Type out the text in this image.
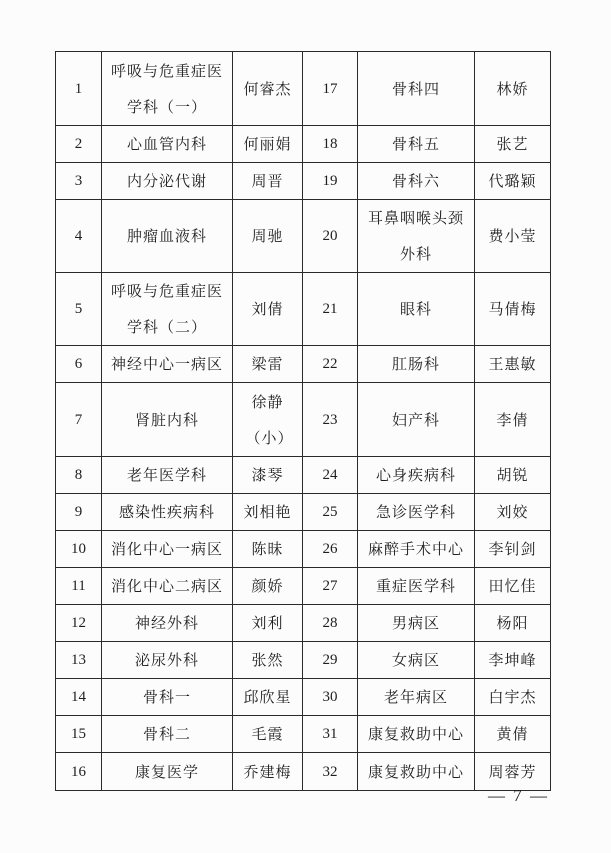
1	呼吸与危重症医学科（一）	何睿杰	17	骨科四	林娇
2	心血管内科	何丽娟	18	骨科五	张艺
3	内分泌代谢	周晋	19	骨科六	代璐颖
4	肿瘤血液科	周驰	20	耳鼻咽喉头颈外科	费小莹
5	呼吸与危重症医学科（二）	刘倩	21	眼科	马倩梅
6	神经中心一病区	梁雷	22	肛肠科	王惠敏
7	肾脏内科	徐静（小）	23	妇产科	李倩
8	老年医学科	漆琴	24	心身疾病科	胡锐
9	感染性疾病科	刘相艳	25	急诊医学科	刘姣
10	消化中心一病区	陈昧	26	麻醉手术中心	李钊剑
11	消化中心二病区	颜娇	27	重症医学科	田忆佳
12	神经外科	刘利	28	男病区	杨阳
13	泌尿外科	张然	29	女病区	李坤峰
14	骨科一	邱欣星	30	老年病区	白宇杰
15	骨科二	毛霞	31	康复救助中心	黄倩
16	康复医学	乔建梅	32	康复救助中心	周蓉芳
— 7 —
